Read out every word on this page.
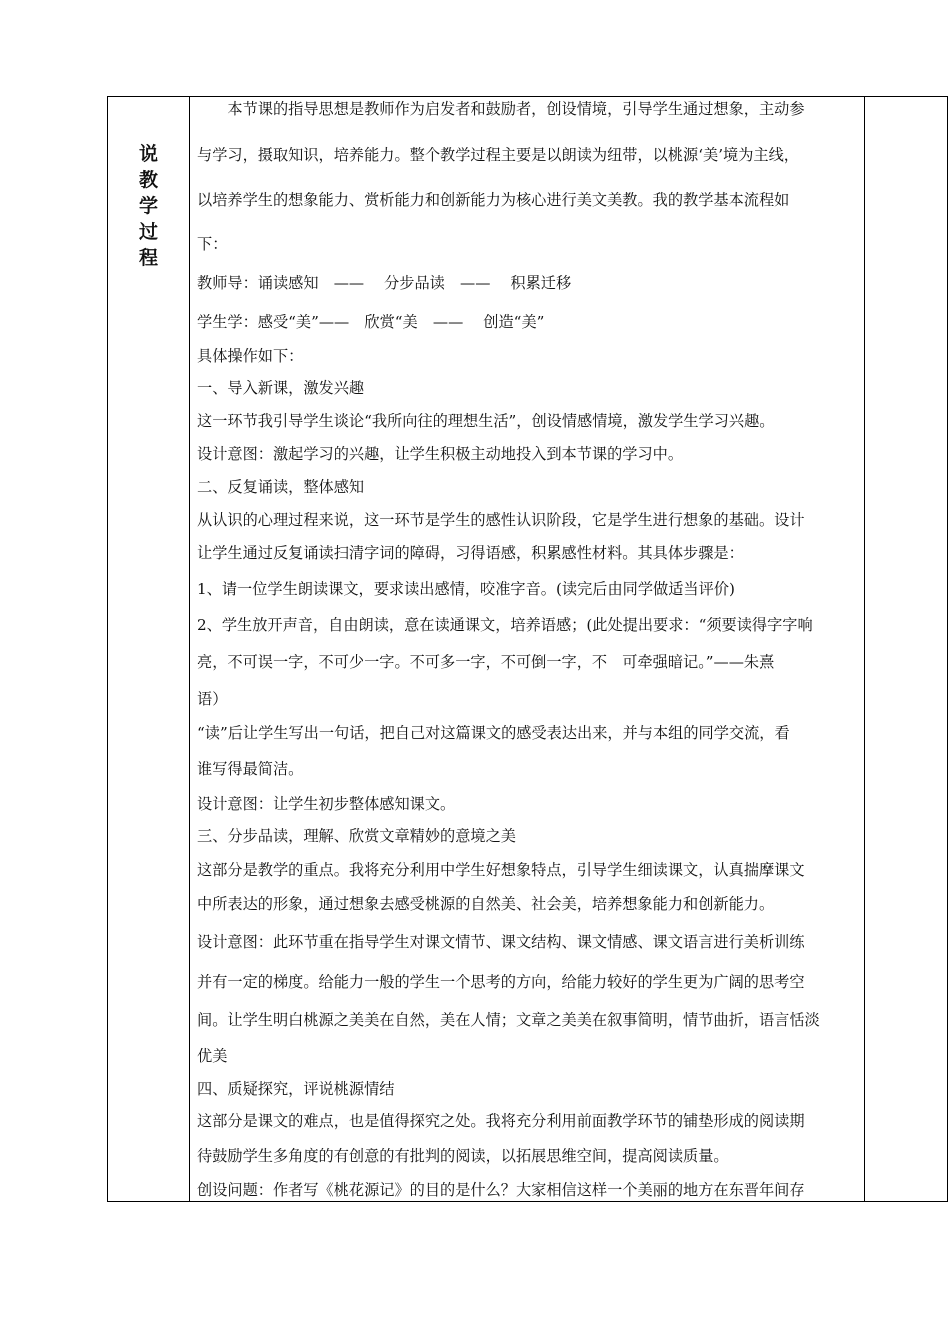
说
教
学
过
程
　　本节课的指导思想是教师作为启发者和鼓励者，创设情境，引导学生通过想象，主动参
与学习，摄取知识，培养能力。整个教学过程主要是以朗读为纽带，以桃源‘美’境为主线，
以培养学生的想象能力、赏析能力和创新能力为核心进行美文美教。我的教学基本流程如
下：
教师导：诵读感知　——　 分步品读　——　 积累迁移
学生学：感受“美”——　欣赏“美　——　 创造“美”
具体操作如下：
一、导入新课，激发兴趣
这一环节我引导学生谈论“我所向往的理想生活”，创设情感情境，激发学生学习兴趣。
设计意图：激起学习的兴趣，让学生积极主动地投入到本节课的学习中。
二、反复诵读，整体感知
从认识的心理过程来说，这一环节是学生的感性认识阶段，它是学生进行想象的基础。设计
让学生通过反复诵读扫清字词的障碍，习得语感，积累感性材料。其具体步骤是：
1、请一位学生朗读课文，要求读出感情，咬准字音。(读完后由同学做适当评价)
2、学生放开声音，自由朗读，意在读通课文，培养语感；(此处提出要求：“须要读得字字响
亮，不可误一字，不可少一字。不可多一字，不可倒一字，不　可牵强暗记。”——朱熹
语）
“读”后让学生写出一句话，把自己对这篇课文的感受表达出来，并与本组的同学交流，看
谁写得最简洁。
设计意图：让学生初步整体感知课文。
三、分步品读，理解、欣赏文章精妙的意境之美
这部分是教学的重点。我将充分利用中学生好想象特点，引导学生细读课文，认真揣摩课文
中所表达的形象，通过想象去感受桃源的自然美、社会美，培养想象能力和创新能力。
设计意图：此环节重在指导学生对课文情节、课文结构、课文情感、课文语言进行美析训练
并有一定的梯度。给能力一般的学生一个思考的方向，给能力较好的学生更为广阔的思考空
间。让学生明白桃源之美美在自然，美在人情；文章之美美在叙事简明，情节曲折，语言恬淡
优美
四、质疑探究，评说桃源情结
这部分是课文的难点，也是值得探究之处。我将充分利用前面教学环节的铺垫形成的阅读期
待鼓励学生多角度的有创意的有批判的阅读，以拓展思维空间，提高阅读质量。
创设问题：作者写《桃花源记》的目的是什么？大家相信这样一个美丽的地方在东晋年间存
